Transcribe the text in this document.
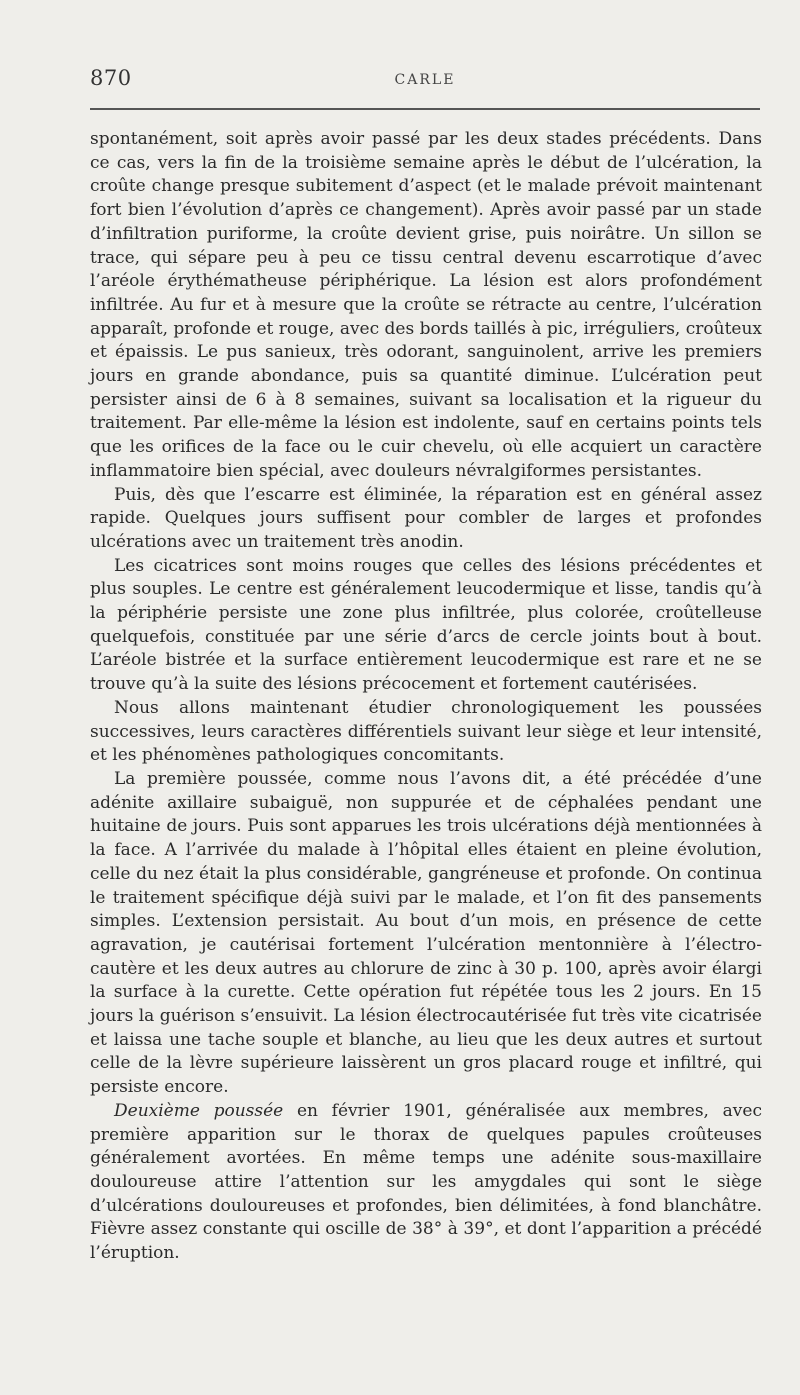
870	CARLE

spontanément, soit après avoir passé par les deux stades précédents. Dans ce cas, vers la fin de la troisième semaine après le début de l’ulcération, la croûte change presque subitement d’aspect (et le malade prévoit maintenant fort bien l’évolution d’après ce changement). Après avoir passé par un stade d’infiltration puriforme, la croûte devient grise, puis noirâtre. Un sillon se trace, qui sépare peu à peu ce tissu central devenu escarrotique d’avec l’aréole érythématheuse périphérique. La lésion est alors profondément infiltrée. Au fur et à mesure que la croûte se rétracte au centre, l’ulcération apparaît, profonde et rouge, avec des bords taillés à pic, irréguliers, croûteux et épaissis. Le pus sanieux, très odorant, sanguinolent, arrive les premiers jours en grande abondance, puis sa quantité diminue. L’ulcération peut persister ainsi de 6 à 8 semaines, suivant sa localisation et la rigueur du traitement. Par elle-même la lésion est indolente, sauf en certains points tels que les orifices de la face ou le cuir chevelu, où elle acquiert un caractère inflammatoire bien spécial, avec douleurs névralgiformes persistantes.

Puis, dès que l’escarre est éliminée, la réparation est en général assez rapide. Quelques jours suffisent pour combler de larges et profondes ulcérations avec un traitement très anodin.

Les cicatrices sont moins rouges que celles des lésions précédentes et plus souples. Le centre est généralement leucodermique et lisse, tandis qu’à la périphérie persiste une zone plus infiltrée, plus colorée, croûtelleuse quelquefois, constituée par une série d’arcs de cercle joints bout à bout. L’aréole bistrée et la surface entièrement leucodermique est rare et ne se trouve qu’à la suite des lésions précocement et fortement cautérisées.

Nous allons maintenant étudier chronologiquement les poussées successives, leurs caractères différentiels suivant leur siège et leur intensité, et les phénomènes pathologiques concomitants.

La première poussée, comme nous l’avons dit, a été précédée d’une adénite axillaire subaiguë, non suppurée et de céphalées pendant une huitaine de jours. Puis sont apparues les trois ulcérations déjà mentionnées à la face. A l’arrivée du malade à l’hôpital elles étaient en pleine évolution, celle du nez était la plus considérable, gangréneuse et profonde. On continua le traitement spécifique déjà suivi par le malade, et l’on fit des pansements simples. L’extension persistait. Au bout d’un mois, en présence de cette agravation, je cautérisai fortement l’ulcération mentonnière à l’électro-cautère et les deux autres au chlorure de zinc à 30 p. 100, après avoir élargi la surface à la curette. Cette opération fut répétée tous les 2 jours. En 15 jours la guérison s’ensuivit. La lésion électrocautérisée fut très vite cicatrisée et laissa une tache souple et blanche, au lieu que les deux autres et surtout celle de la lèvre supérieure laissèrent un gros placard rouge et infiltré, qui persiste encore.

Deuxième poussée en février 1901, généralisée aux membres, avec première apparition sur le thorax de quelques papules croûteuses généralement avortées. En même temps une adénite sous-maxillaire douloureuse attire l’attention sur les amygdales qui sont le siège d’ulcérations douloureuses et profondes, bien délimitées, à fond blanchâtre. Fièvre assez constante qui oscille de 38° à 39°, et dont l’apparition a précédé l’éruption.
